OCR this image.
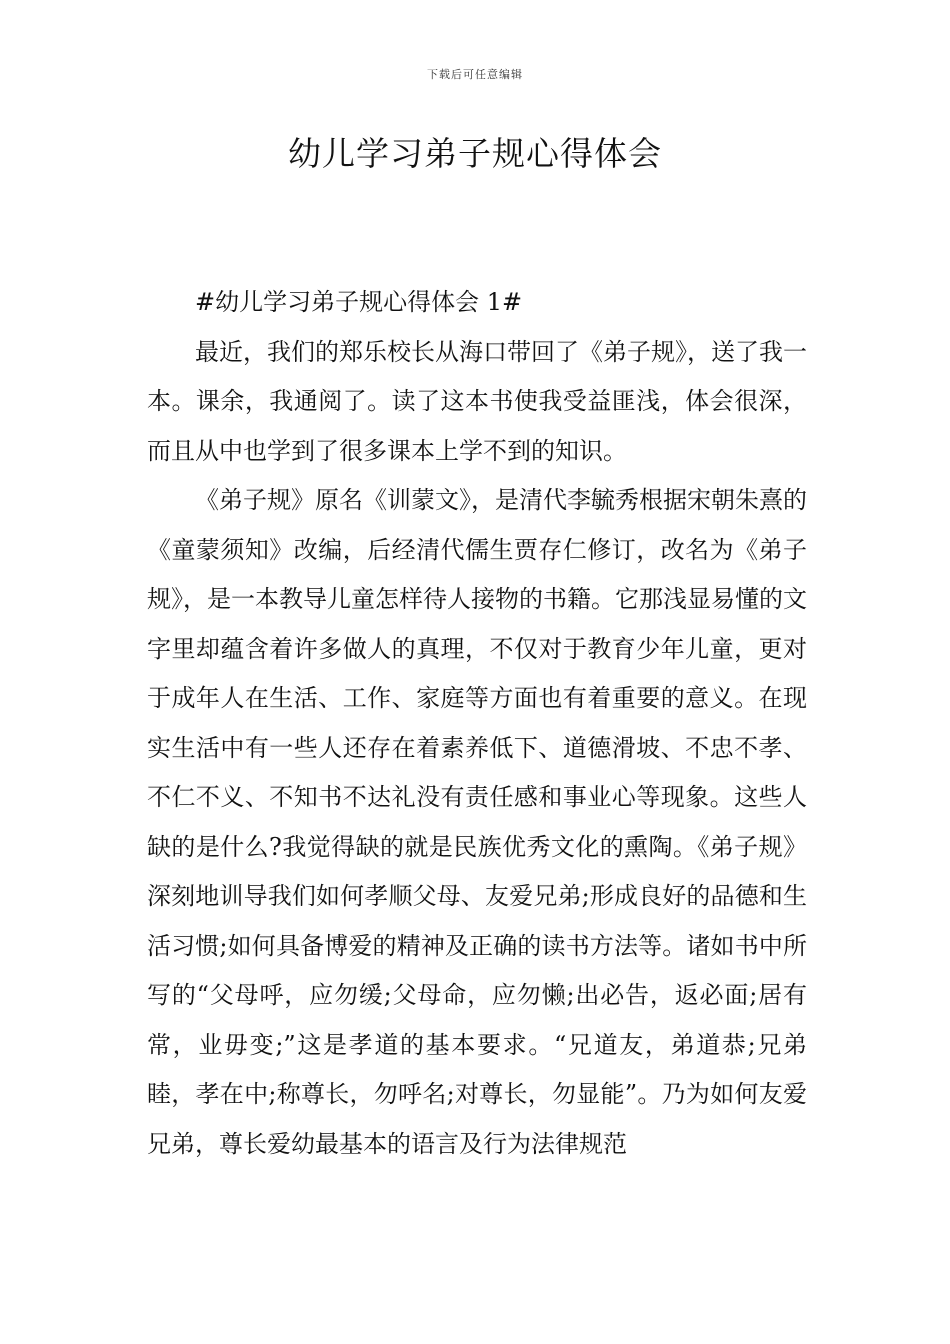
下载后可任意编辑
幼儿学习弟子规心得体会

#幼儿学习弟子规心得体会 1#

最近，我们的郑乐校长从海口带回了《弟子规》，送了我一本。课余，我通阅了。读了这本书使我受益匪浅，体会很深，而且从中也学到了很多课本上学不到的知识。

《弟子规》原名《训蒙文》，是清代李毓秀根据宋朝朱熹的《童蒙须知》改编，后经清代儒生贾存仁修订，改名为《弟子规》，是一本教导儿童怎样待人接物的书籍。它那浅显易懂的文字里却蕴含着许多做人的真理，不仅对于教育少年儿童，更对于成年人在生活、工作、家庭等方面也有着重要的意义。在现实生活中有一些人还存在着素养低下、道德滑坡、不忠不孝、不仁不义、不知书不达礼没有责任感和事业心等现象。这些人缺的是什么?我觉得缺的就是民族优秀文化的熏陶。《弟子规》深刻地训导我们如何孝顺父母、友爱兄弟;形成良好的品德和生活习惯;如何具备博爱的精神及正确的读书方法等。诸如书中所写的“父母呼，应勿缓;父母命，应勿懒;出必告，返必面;居有常，业毋变;”这是孝道的基本要求。“兄道友，弟道恭;兄弟睦，孝在中;称尊长，勿呼名;对尊长，勿显能”。乃为如何友爱兄弟，尊长爱幼最基本的语言及行为法律规范
